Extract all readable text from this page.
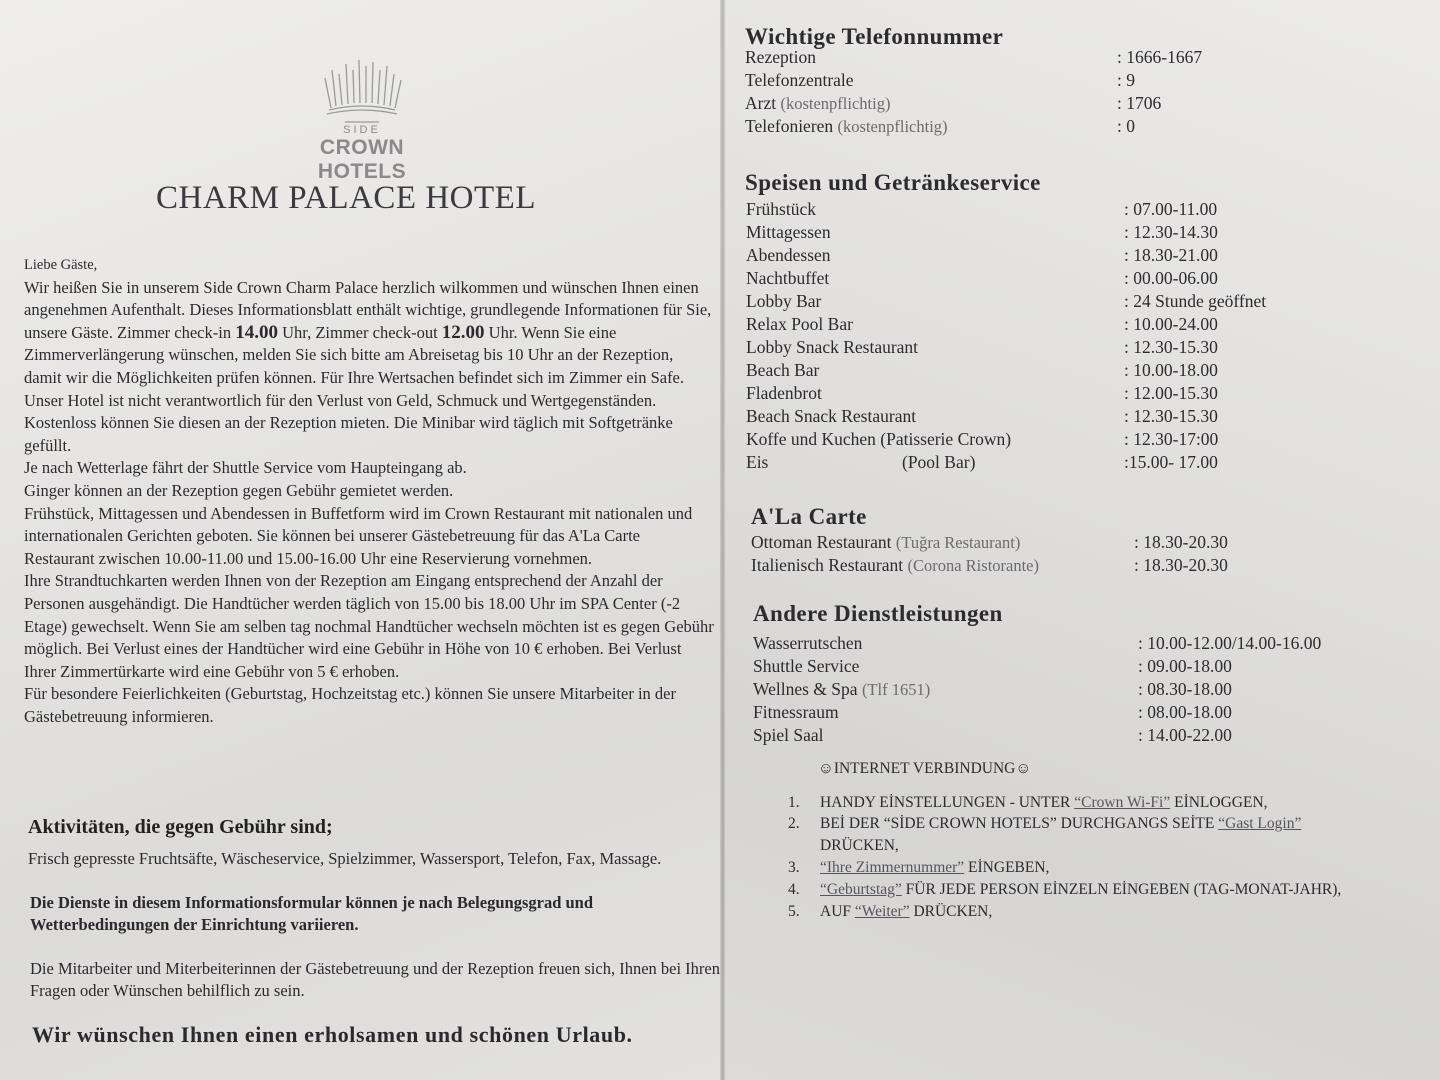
SIDE
CROWN HOTELS
CHARM PALACE HOTEL

Liebe Gäste,

Wir heißen Sie in unserem Side Crown Charm Palace herzlich wilkommen und wünschen Ihnen einen angenehmen Aufenthalt. Dieses Informationsblatt enthält wichtige, grundlegende Informationen für Sie, unsere Gäste. Zimmer check-in 14.00 Uhr, Zimmer check-out 12.00 Uhr. Wenn Sie eine Zimmerverlängerung wünschen, melden Sie sich bitte am Abreisetag bis 10 Uhr an der Rezeption, damit wir die Möglichkeiten prüfen können. Für Ihre Wertsachen befindet sich im Zimmer ein Safe. Unser Hotel ist nicht verantwortlich für den Verlust von Geld, Schmuck und Wertgegenständen. Kostenloss können Sie diesen an der Rezeption mieten. Die Minibar wird täglich mit Softgetränke gefüllt.

Je nach Wetterlage fährt der Shuttle Service vom Haupteingang ab.

Ginger können an der Rezeption gegen Gebühr gemietet werden.

Frühstück, Mittagessen und Abendessen in Buffetform wird im Crown Restaurant mit nationalen und internationalen Gerichten geboten. Sie können bei unserer Gästebetreuung für das A'La Carte Restaurant zwischen 10.00-11.00 und 15.00-16.00 Uhr eine Reservierung vornehmen.

Ihre Strandtuchkarten werden Ihnen von der Rezeption am Eingang entsprechend der Anzahl der Personen ausgehändigt. Die Handtücher werden täglich von 15.00 bis 18.00 Uhr im SPA Center (-2 Etage) gewechselt. Wenn Sie am selben tag nochmal Handtücher wechseln möchten ist es gegen Gebühr möglich. Bei Verlust eines der Handtücher wird eine Gebühr in Höhe von 10 € erhoben. Bei Verlust Ihrer Zimmertürkarte wird eine Gebühr von 5 € erhoben.

Für besondere Feierlichkeiten (Geburtstag, Hochzeitstag etc.) können Sie unsere Mitarbeiter in der Gästebetreuung informieren.

Aktivitäten, die gegen Gebühr sind;

Frisch gepresste Fruchtsäfte, Wäscheservice, Spielzimmer, Wassersport, Telefon, Fax, Massage.

Die Dienste in diesem Informationsformular können je nach Belegungsgrad und Wetterbedingungen der Einrichtung variieren.

Die Mitarbeiter und Miterbeiterinnen der Gästebetreuung und der Rezeption freuen sich, Ihnen bei Ihren Fragen oder Wünschen behilflich zu sein.

Wir wünschen Ihnen einen erholsamen und schönen Urlaub.

Wichtige Telefonnummer
Rezeption	: 1666-1667
Telefonzentrale	: 9
Arzt (kostenpflichtig)	: 1706
Telefonieren (kostenpflichtig)	: 0
Speisen und Getränkeservice
Frühstück	: 07.00-11.00
Mittagessen	: 12.30-14.30
Abendessen	: 18.30-21.00
Nachtbuffet	: 00.00-06.00
Lobby Bar	: 24 Stunde geöffnet
Relax Pool Bar	: 10.00-24.00
Lobby Snack Restaurant	: 12.30-15.30
Beach Bar	: 10.00-18.00
Fladenbrot	: 12.00-15.30
Beach Snack Restaurant	: 12.30-15.30
Koffe und Kuchen (Patisserie Crown)	: 12.30-17:00
Eis	(Pool Bar)	:15.00- 17.00
A'La Carte
Ottoman Restaurant (Tuğra Restaurant)	: 18.30-20.30
Italienisch Restaurant (Corona Ristorante)	: 18.30-20.30
Andere Dienstleistungen
Wasserrutschen	: 10.00-12.00/14.00-16.00
Shuttle Service	: 09.00-18.00
Wellnes & Spa (Tlf 1651)	: 08.30-18.00
Fitnessraum	: 08.00-18.00
Spiel Saal	: 14.00-22.00
☺INTERNET VERBINDUNG☺
1. HANDY EİNSTELLUNGEN - UNTER “Crown Wi-Fi” EİNLOGGEN,
2. BEİ DER “SİDE CROWN HOTELS” DURCHGANGS SEİTE “Gast Login”
DRÜCKEN,
3. “Ihre Zimmernummer” EİNGEBEN,
4. “Geburtstag” FÜR JEDE PERSON EİNZELN EİNGEBEN (TAG-MONAT-JAHR),
5. AUF “Weiter” DRÜCKEN,
